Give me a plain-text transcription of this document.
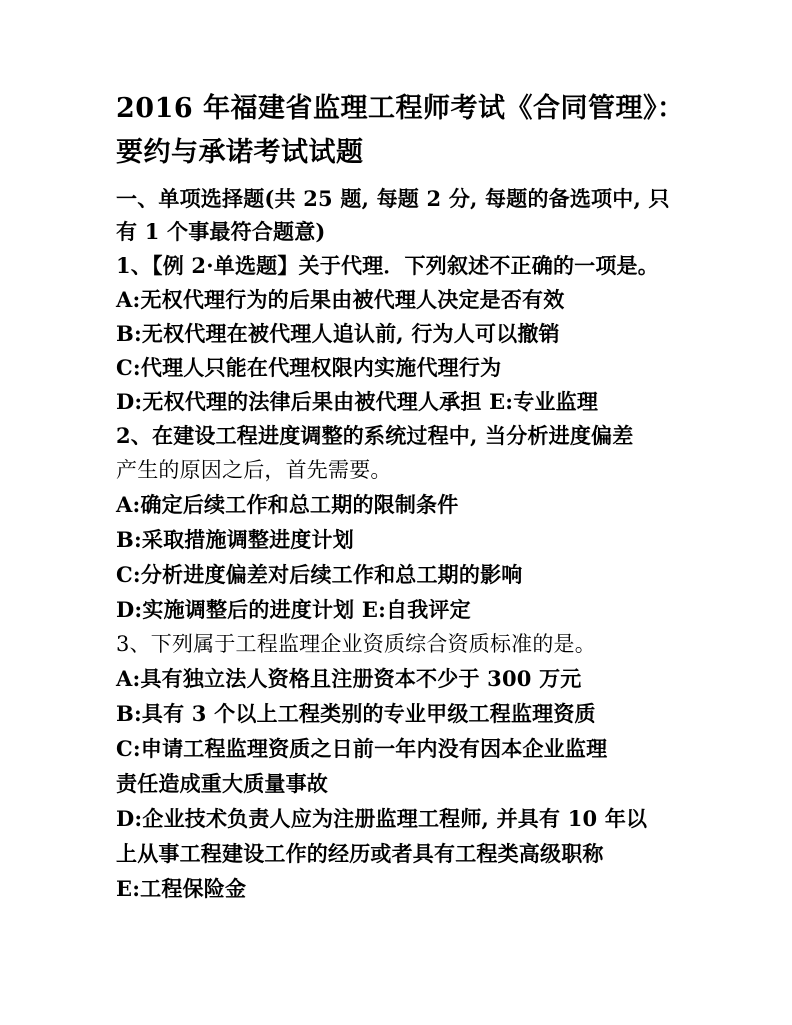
2016 年福建省监理工程师考试《合同管理》：
要约与承诺考试试题
一、单项选择题(共 25 题, 每题 2 分, 每题的备选项中, 只
有 1 个事最符合题意)
1、【例 2·单选题】关于代理．下列叙述不正确的一项是。
A:无权代理行为的后果由被代理人决定是否有效
B:无权代理在被代理人追认前, 行为人可以撤销
C:代理人只能在代理权限内实施代理行为
D:无权代理的法律后果由被代理人承担 E:专业监理
2、在建设工程进度调整的系统过程中, 当分析进度偏差
产生的原因之后，首先需要。
A:确定后续工作和总工期的限制条件
B:采取措施调整进度计划
C:分析进度偏差对后续工作和总工期的影响
D:实施调整后的进度计划 E:自我评定
3、下列属于工程监理企业资质综合资质标准的是。
A:具有独立法人资格且注册资本不少于 300 万元
B:具有 3 个以上工程类别的专业甲级工程监理资质
C:申请工程监理资质之日前一年内没有因本企业监理
责任造成重大质量事故
D:企业技术负责人应为注册监理工程师, 并具有 10 年以
上从事工程建设工作的经历或者具有工程类高级职称
E:工程保险金
